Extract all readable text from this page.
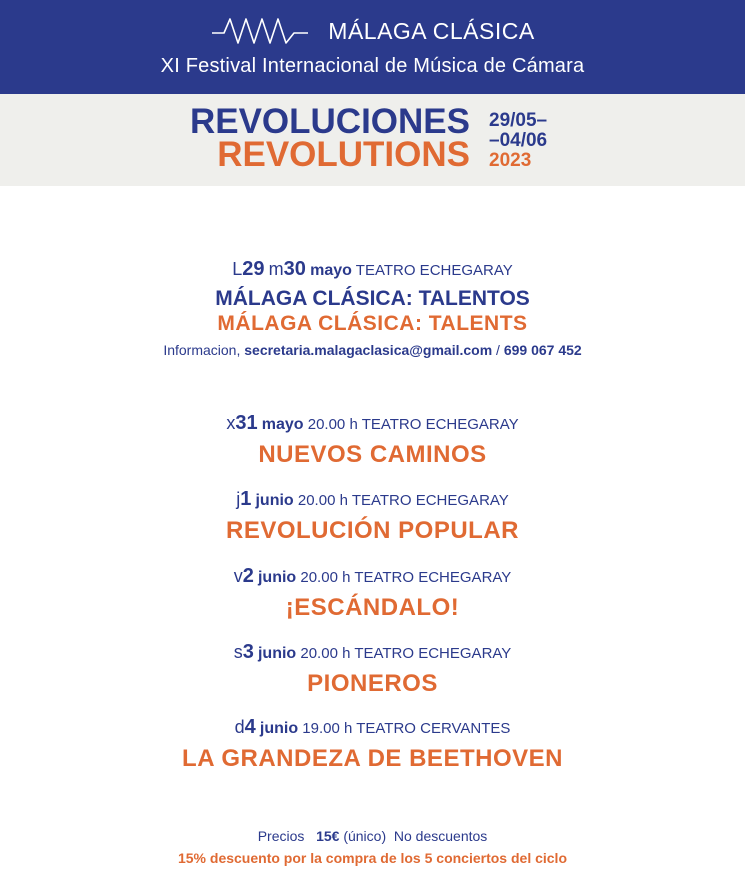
MÁLAGA CLÁSICA
XI Festival Internacional de Música de Cámara
REVOLUCIONES
REVOLUTIONS
29/05–
–04/06
2023
L29 m30 mayo TEATRO ECHEGARAY
MÁLAGA CLÁSICA: TALENTOS
MÁLAGA CLÁSICA: TALENTS
Informacion, secretaria.malagaclasica@gmail.com / 699 067 452
x31 mayo 20.00 h TEATRO ECHEGARAY
NUEVOS CAMINOS
j1 junio 20.00 h TEATRO ECHEGARAY
REVOLUCIÓN POPULAR
v2 junio 20.00 h TEATRO ECHEGARAY
¡ESCÁNDALO!
s3 junio 20.00 h TEATRO ECHEGARAY
PIONEROS
d4 junio 19.00 h TEATRO CERVANTES
LA GRANDEZA DE BEETHOVEN
Precios 15€ (único) No descuentos
15% descuento por la compra de los 5 conciertos del ciclo
